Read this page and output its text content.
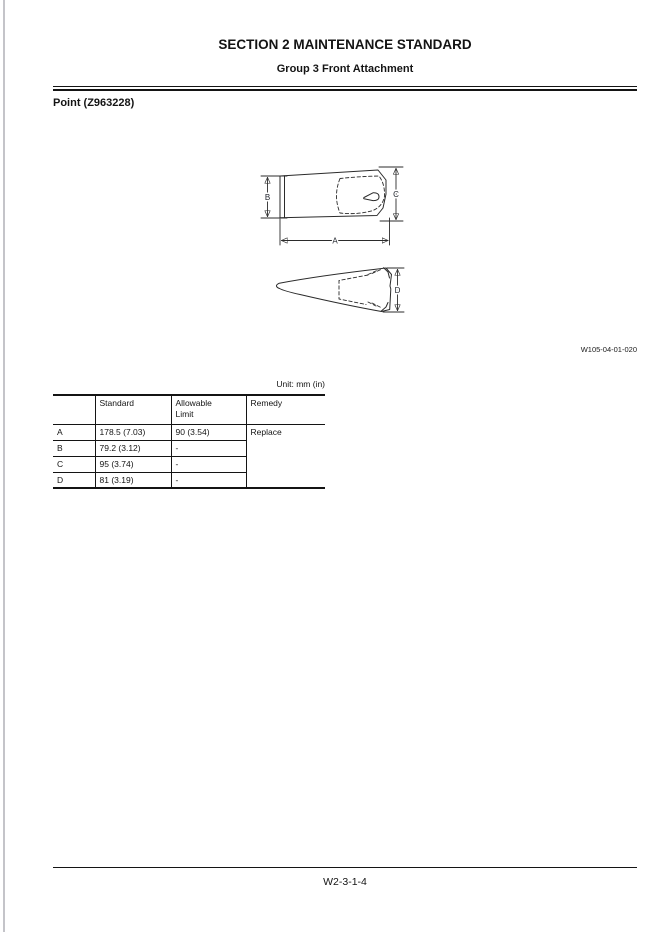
SECTION 2 MAINTENANCE STANDARD
Group 3 Front Attachment
Point (Z963228)
B	C
A
D
W105-04-01-020
Unit: mm (in)
	Standard	Allowable Limit	Remedy
A	178.5 (7.03)	90 (3.54)	Replace
B	79.2 (3.12)	-	
C	95 (3.74)	-	
D	81 (3.19)	-	
W2-3-1-4
